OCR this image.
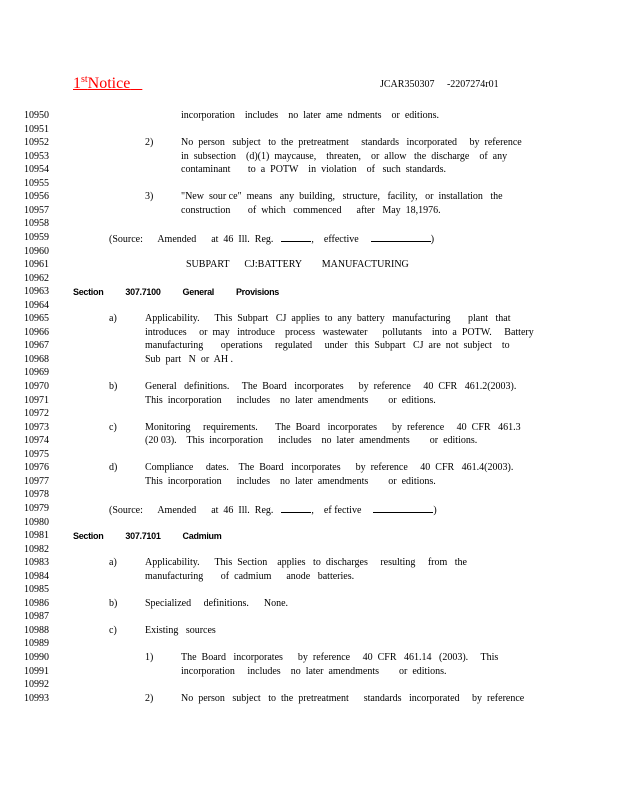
1stNotice	JCAR350307     -2207274r01
10950	incorporation    includes    no  later  ame  ndments    or  editions.
10951
10952	2)	No  person   subject   to  the  pretreatment     standards   incorporated     by  reference
10953	in  subsection    (d)(1)  maycause,    threaten,    or  allow   the  discharge    of  any
10954	contaminant       to  a  POTW    in  violation    of   such  standards.
10955
10956	3)	"New  sour ce"  means   any  building,   structure,   facility,   or  installation   the
10957	construction       of  which   commenced      after   May  18,1976.
10958
10959	(Source:      Amended      at  46  Ill.  Reg.	, effective	)
10960
10961	SUBPART      CJ:BATTERY        MANUFACTURING
10962
10963	Section          307.7100          General          Provisions
10964
10965	a)	Applicability.      This  Subpart   CJ  applies  to  any  battery   manufacturing       plant   that
10966	introduces     or  may   introduce    process   wastewater      pollutants    into  a  POTW.     Battery
10967	manufacturing       operations     regulated     under   this  Subpart   CJ  are  not  subject    to
10968	Sub  part   N  or  AH .
10969
10970	b)	General   definitions.     The  Board   incorporates      by  reference     40  CFR   461.2(2003).
10971	This  incorporation      includes    no  later  amendments        or  editions.
10972
10973	c)	Monitoring     requirements.       The  Board   incorporates      by  reference     40  CFR   461.3
10974	(20 03).    This  incorporation      includes    no  later  amendments        or  editions.
10975
10976	d)	Compliance     dates.    The  Board   incorporates      by  reference     40  CFR   461.4(2003).
10977	This  incorporation      includes    no  later  amendments        or  editions.
10978
10979	(Source:      Amended      at  46  Ill.  Reg.	, ef fective	)
10980
10981	Section          307.7101          Cadmium
10982
10983	a)	Applicability.      This  Section    applies   to  discharges     resulting     from   the
10984	manufacturing       of  cadmium      anode   batteries.
10985
10986	b)	Specialized     definitions.      None.
10987
10988	c)	Existing   sources
10989
10990	1)	The  Board   incorporates      by  reference     40  CFR   461.14   (2003).     This
10991	incorporation     includes    no  later  amendments        or  editions.
10992
10993	2)	No  person   subject   to  the  pretreatment      standards   incorporated     by  reference
